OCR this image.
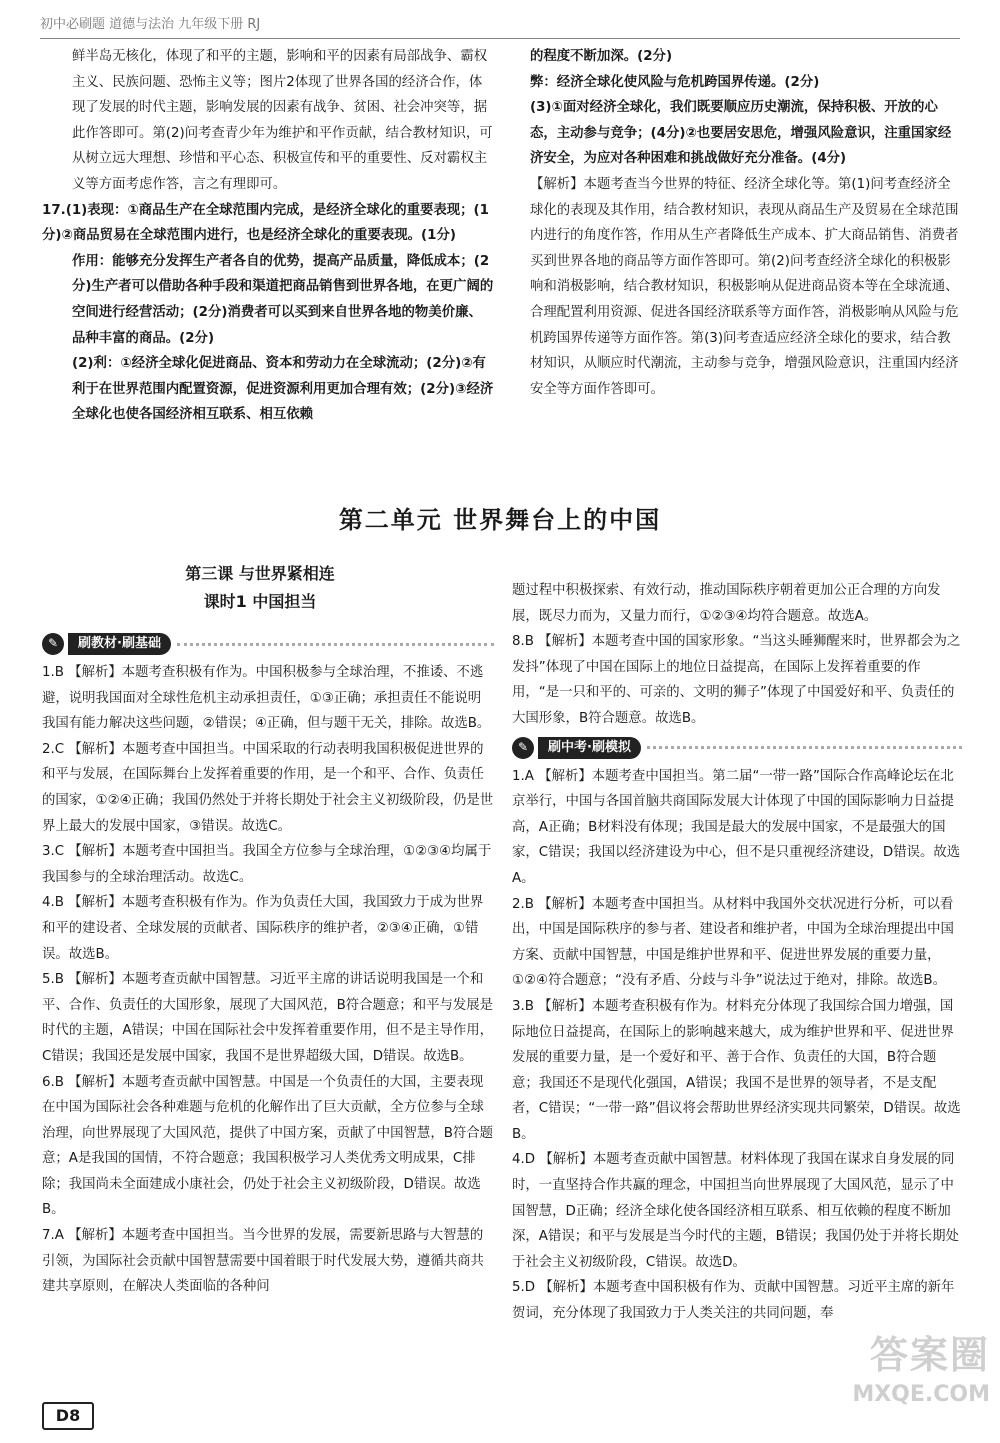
初中必刷题 道德与法治 九年级下册 RJ

鲜半岛无核化，体现了和平的主题，影响和平的因素有局部战争、霸权主义、民族问题、恐怖主义等；图片2体现了世界各国的经济合作，体现了发展的时代主题，影响发展的因素有战争、贫困、社会冲突等，据此作答即可。第(2)问考查青少年为维护和平作贡献，结合教材知识，可从树立远大理想、珍惜和平心态、积极宣传和平的重要性、反对霸权主义等方面考虑作答，言之有理即可。

17.(1)表现：①商品生产在全球范围内完成，是经济全球化的重要表现；(1分)②商品贸易在全球范围内进行，也是经济全球化的重要表现。(1分)

作用：能够充分发挥生产者各自的优势，提高产品质量，降低成本；(2分)生产者可以借助各种手段和渠道把商品销售到世界各地，在更广阔的空间进行经营活动；(2分)消费者可以买到来自世界各地的物美价廉、品种丰富的商品。(2分)

(2)利：①经济全球化促进商品、资本和劳动力在全球流动；(2分)②有利于在世界范围内配置资源，促进资源利用更加合理有效；(2分)③经济全球化也使各国经济相互联系、相互依赖

的程度不断加深。(2分)

弊：经济全球化使风险与危机跨国界传递。(2分)

(3)①面对经济全球化，我们既要顺应历史潮流，保持积极、开放的心态，主动参与竞争；(4分)②也要居安思危，增强风险意识，注重国家经济安全，为应对各种困难和挑战做好充分准备。(4分)

【解析】本题考查当今世界的特征、经济全球化等。第(1)问考查经济全球化的表现及其作用，结合教材知识，表现从商品生产及贸易在全球范围内进行的角度作答，作用从生产者降低生产成本、扩大商品销售、消费者买到世界各地的商品等方面作答即可。第(2)问考查经济全球化的积极影响和消极影响，结合教材知识，积极影响从促进商品资本等在全球流通、合理配置利用资源、促进各国经济联系等方面作答，消极影响从风险与危机跨国界传递等方面作答。第(3)问考查适应经济全球化的要求，结合教材知识，从顺应时代潮流，主动参与竞争，增强风险意识，注重国内经济安全等方面作答即可。

第二单元 世界舞台上的中国
第三课 与世界紧相连
课时1 中国担当
✎	刷教材·刷基础

1.B 【解析】本题考查积极有作为。中国积极参与全球治理，不推诿、不逃避，说明我国面对全球性危机主动承担责任，①③正确；承担责任不能说明我国有能力解决这些问题，②错误；④正确，但与题干无关，排除。故选B。

2.C 【解析】本题考查中国担当。中国采取的行动表明我国积极促进世界的和平与发展，在国际舞台上发挥着重要的作用，是一个和平、合作、负责任的国家，①②④正确；我国仍然处于并将长期处于社会主义初级阶段，仍是世界上最大的发展中国家，③错误。故选C。

3.C 【解析】本题考查中国担当。我国全方位参与全球治理，①②③④均属于我国参与的全球治理活动。故选C。

4.B 【解析】本题考查积极有作为。作为负责任大国，我国致力于成为世界和平的建设者、全球发展的贡献者、国际秩序的维护者，②③④正确，①错误。故选B。

5.B 【解析】本题考查贡献中国智慧。习近平主席的讲话说明我国是一个和平、合作、负责任的大国形象，展现了大国风范，B符合题意；和平与发展是时代的主题，A错误；中国在国际社会中发挥着重要作用，但不是主导作用，C错误；我国还是发展中国家，我国不是世界超级大国，D错误。故选B。

6.B 【解析】本题考查贡献中国智慧。中国是一个负责任的大国，主要表现在中国为国际社会各种难题与危机的化解作出了巨大贡献，全方位参与全球治理，向世界展现了大国风范，提供了中国方案，贡献了中国智慧，B符合题意；A是我国的国情，不符合题意；我国积极学习人类优秀文明成果，C排除；我国尚未全面建成小康社会，仍处于社会主义初级阶段，D错误。故选B。

7.A 【解析】本题考查中国担当。当今世界的发展，需要新思路与大智慧的引领，为国际社会贡献中国智慧需要中国着眼于时代发展大势，遵循共商共建共享原则，在解决人类面临的各种问

题过程中积极探索、有效行动，推动国际秩序朝着更加公正合理的方向发展，既尽力而为，又量力而行，①②③④均符合题意。故选A。

8.B 【解析】本题考查中国的国家形象。“当这头睡狮醒来时，世界都会为之发抖”体现了中国在国际上的地位日益提高，在国际上发挥着重要的作用，“是一只和平的、可亲的、文明的狮子”体现了中国爱好和平、负责任的大国形象，B符合题意。故选B。

✎	刷中考·刷模拟

1.A 【解析】本题考查中国担当。第二届“一带一路”国际合作高峰论坛在北京举行，中国与各国首脑共商国际发展大计体现了中国的国际影响力日益提高，A正确；B材料没有体现；我国是最大的发展中国家，不是最强大的国家，C错误；我国以经济建设为中心，但不是只重视经济建设，D错误。故选A。

2.B 【解析】本题考查中国担当。从材料中我国外交状况进行分析，可以看出，中国是国际秩序的参与者、建设者和维护者，中国为全球治理提出中国方案、贡献中国智慧，中国是维护世界和平、促进世界发展的重要力量，①②④符合题意；“没有矛盾、分歧与斗争”说法过于绝对，排除。故选B。

3.B 【解析】本题考查积极有作为。材料充分体现了我国综合国力增强，国际地位日益提高，在国际上的影响越来越大，成为维护世界和平、促进世界发展的重要力量，是一个爱好和平、善于合作、负责任的大国，B符合题意；我国还不是现代化强国，A错误；我国不是世界的领导者，不是支配者，C错误；“一带一路”倡议将会帮助世界经济实现共同繁荣，D错误。故选B。

4.D 【解析】本题考查贡献中国智慧。材料体现了我国在谋求自身发展的同时，一直坚持合作共赢的理念，中国担当向世界展现了大国风范，显示了中国智慧，D正确；经济全球化使各国经济相互联系、相互依赖的程度不断加深，A错误；和平与发展是当今时代的主题，B错误；我国仍处于并将长期处于社会主义初级阶段，C错误。故选D。

5.D 【解析】本题考查中国积极有作为、贡献中国智慧。习近平主席的新年贺词，充分体现了我国致力于人类关注的共同问题，奉

D8
答案圈
MXQE.COM
